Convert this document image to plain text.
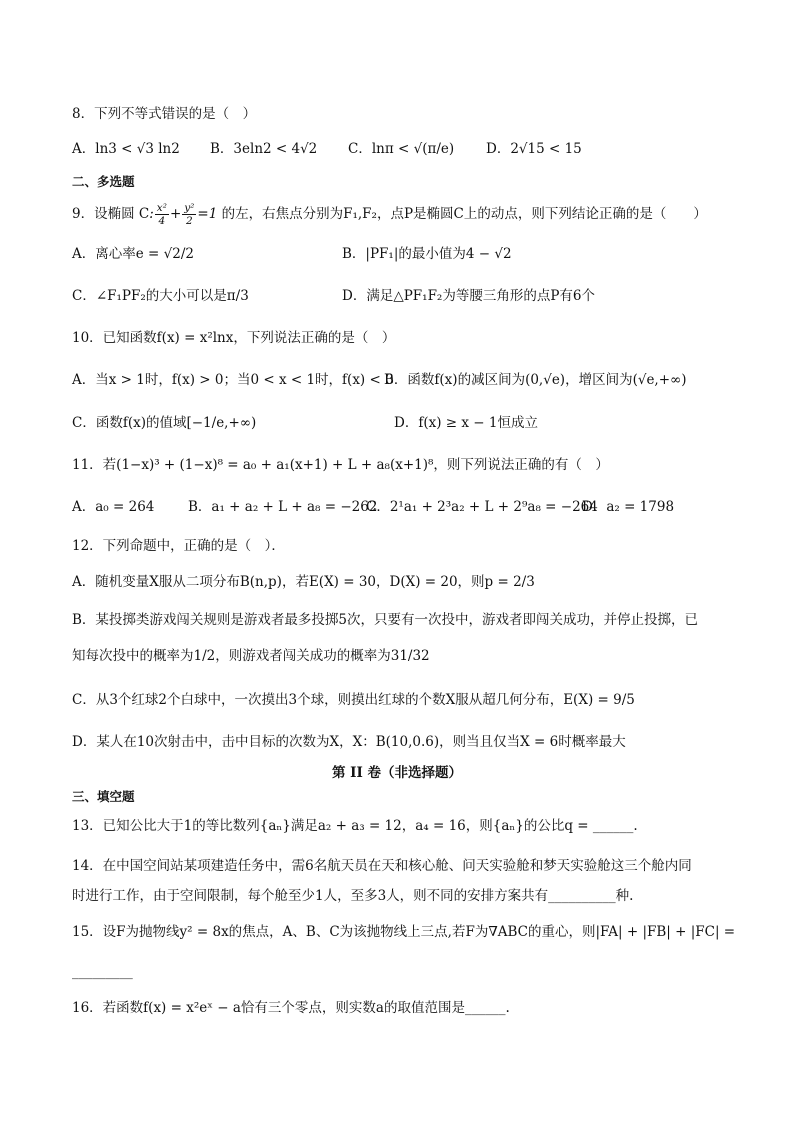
8．下列不等式错误的是（　）
A．ln3 < √3 ln2 B．3eln2 < 4√2 C．lnπ < √(π/e) D．2√15 < 15
二、多选题
9．设椭圆 C: $\frac{\text{x²}}{4} + \frac{\text{y²}}{2} =1$ 的左，右焦点分别为F₁,F₂，点P是椭圆C上的动点，则下列结论正确的是（　　）
A．离心率e = √2/2	B．|PF₁|的最小值为4 − √2
C．∠F₁PF₂的大小可以是π/3	D．满足△PF₁F₂为等腰三角形的点P有6个
10．已知函数f(x) = x²lnx，下列说法正确的是（　）
A．当x > 1时，f(x) > 0；当0 < x < 1时，f(x) < 0
B．函数f(x)的减区间为(0,√e)，增区间为(√e,+∞)
C．函数f(x)的值域[−1/e,+∞)	D．f(x) ≥ x − 1恒成立
11．若(1−x)³ + (1−x)⁸ = a₀ + a₁(x+1) + L + a₈(x+1)⁸，则下列说法正确的有（　）
A．a₀ = 264 B．a₁ + a₂ + L + a₈ = −262
C．2¹a₁ + 2³a₂ + L + 2⁹a₈ = −264
D．a₂ = 1798
12．下列命题中，正确的是（　）．
A．随机变量X服从二项分布B(n,p)，若E(X) = 30，D(X) = 20，则p = 2/3
B．某投掷类游戏闯关规则是游戏者最多投掷5次，只要有一次投中，游戏者即闯关成功，并停止投掷，已
知每次投中的概率为1/2，则游戏者闯关成功的概率为31/32
C．从3个红球2个白球中，一次摸出3个球，则摸出红球的个数X服从超几何分布，E(X) = 9/5
D．某人在10次射击中，击中目标的次数为X，X：B(10,0.6)，则当且仅当X = 6时概率最大
第 II 卷（非选择题）
三、填空题
13．已知公比大于1的等比数列{aₙ}满足a₂ + a₃ = 12，a₄ = 16，则{aₙ}的公比q = ______.
14．在中国空间站某项建造任务中，需6名航天员在天和核心舱、问天实验舱和梦天实验舱这三个舱内同
时进行工作，由于空间限制，每个舱至少1人，至多3人，则不同的安排方案共有__________种.
15．设F为抛物线y² = 8x的焦点，A、B、C为该抛物线上三点,若F为∇ABC的重心，则|FA| + |FB| + |FC| =
_________
16．若函数f(x) = x²eˣ − a恰有三个零点，则实数a的取值范围是______.
